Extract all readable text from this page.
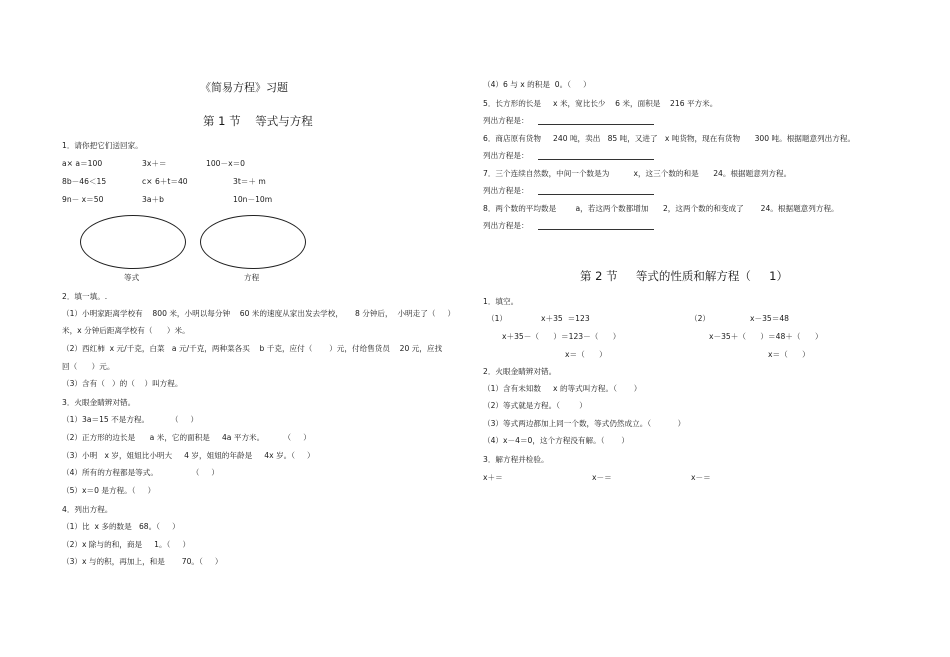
《简易方程》习题
第 1 节    等式与方程
1．请你把它们送回家。
a× a＝100	3x＋＝	100－x＝0
8b－46＜15	c× 6＋t＝40	3t＝＋ m
9n－ x＝50	3a＋b	10n－10m
等式	方程
2．填一填。.
（1）小明家距离学校有    800 米，小明以每分钟    60 米的速度从家出发去学校，     8 分钟后，  小明走了（     ）
米，x 分钟后距离学校有（      ）米。
（2）西红柿  x 元/千克，白菜   a 元/千克，两种菜各买    b 千克，应付（       ）元，付给售货员    20 元，应找
回（      ）元。
（3）含有（   ）的（    ）叫方程。
3．火眼金睛辨对错。
（1）3a＝15 不是方程。         （     ）
（2）正方形的边长是      a 米，它的面积是     4a 平方米。        （     ）
（3）小明   x 岁，姐姐比小明大     4 岁，姐姐的年龄是     4x 岁。（     ）
（4）所有的方程都是等式。              （     ）
（5）x＝0 是方程。（     ）
4．列出方程。
（1）比  x 多的数是   68。（     ）
（2）x 除与的和，商是     1。（     ）
（3）x 与的积，再加上，和是       70。（     ）
（4）6 与 x 的积是  0。（     ）
5．长方形的长是     x 米，宽比长少    6 米，面积是    216 平方米。
列出方程是：
6．商店原有货物     240 吨，卖出   85 吨，又进了   x 吨货物，现在有货物      300 吨。根据题意列出方程。
列出方程是：
7．三个连续自然数，中间一个数是为          x，这三个数的和是      24。根据题意列方程。
列出方程是：
8．两个数的平均数是        a，若这两个数都增加      2，这两个数的和变成了       24。根据题意列方程。
列出方程是：
第 2 节     等式的性质和解方程（     1）
1．填空。
（1）	x＋35  ＝123	（2）	x－35＝48
x＋35－（      ）＝123－（      ）	x－35＋（      ）＝48＋（      ）
x＝（      ）	x＝（      ）
2．火眼金睛辨对错。
（1）含有未知数     x 的等式叫方程。（       ）
（2）等式就是方程。（        ）
（3）等式两边都加上同一个数，等式仍然成立。（           ）
（4）x－4＝0，这个方程没有解。（       ）
3．解方程并检验。
x＋＝	x－＝	x－＝
